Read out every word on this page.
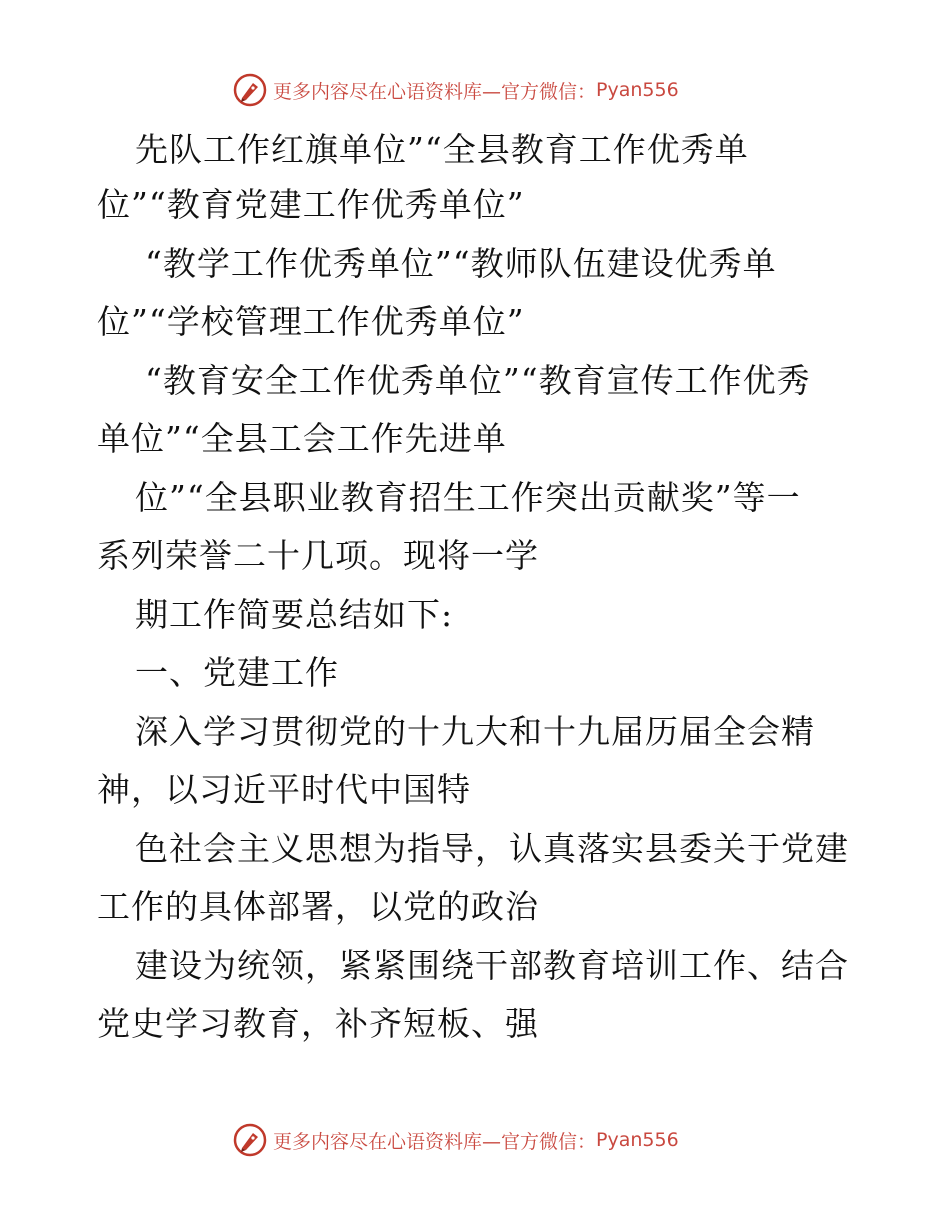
更多内容尽在心语资料库—官方微信： Pyan556
先队工作红旗单位”“全县教育工作优秀单
位”“教育党建工作优秀单位”
“教学工作优秀单位”“教师队伍建设优秀单
位”“学校管理工作优秀单位”
“教育安全工作优秀单位”“教育宣传工作优秀
单位”“全县工会工作先进单
位”“全县职业教育招生工作突出贡献奖”等一
系列荣誉二十几项。现将一学
期工作简要总结如下:
一、党建工作
深入学习贯彻党的十九大和十九届历届全会精
神，以习近平时代中国特
色社会主义思想为指导，认真落实县委关于党建
工作的具体部署，以党的政治
建设为统领，紧紧围绕干部教育培训工作、结合
党史学习教育，补齐短板、强
更多内容尽在心语资料库—官方微信： Pyan556
